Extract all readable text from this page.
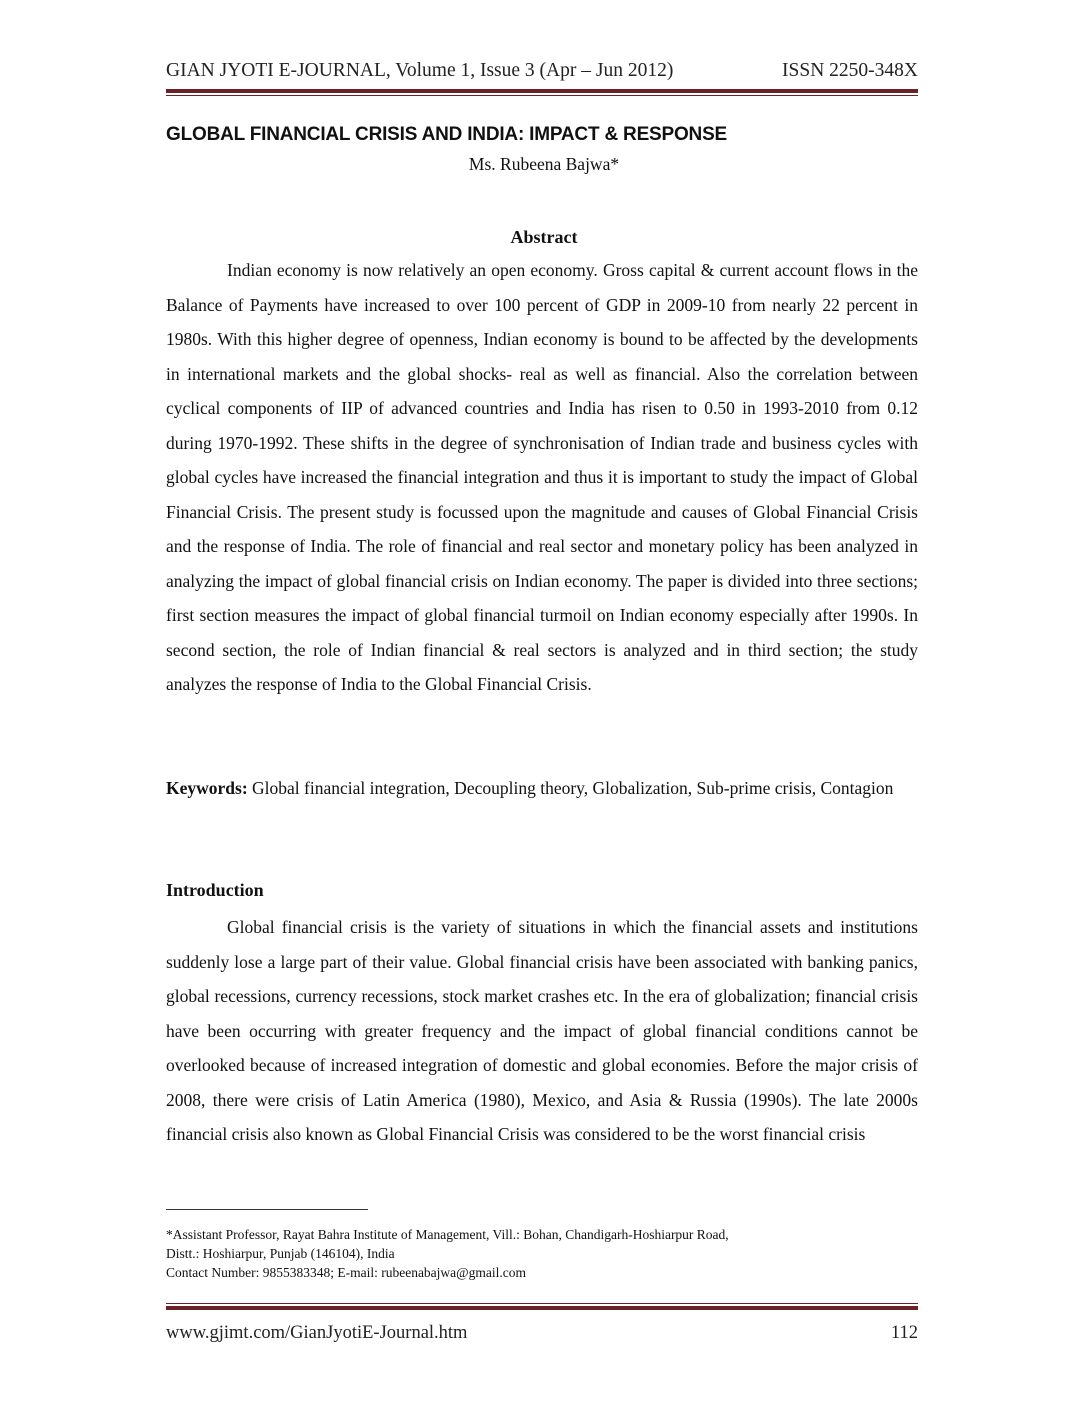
GIAN JYOTI E-JOURNAL, Volume 1, Issue 3 (Apr – Jun 2012)	ISSN 2250-348X
GLOBAL FINANCIAL CRISIS AND INDIA: IMPACT & RESPONSE
Ms. Rubeena Bajwa*
Abstract
Indian economy is now relatively an open economy. Gross capital & current account flows in the Balance of Payments have increased to over 100 percent of GDP in 2009-10 from nearly 22 percent in 1980s. With this higher degree of openness, Indian economy is bound to be affected by the developments in international markets and the global shocks- real as well as financial. Also the correlation between cyclical components of IIP of advanced countries and India has risen to 0.50 in 1993-2010 from 0.12 during 1970-1992. These shifts in the degree of synchronisation of Indian trade and business cycles with global cycles have increased the financial integration and thus it is important to study the impact of Global Financial Crisis. The present study is focussed upon the magnitude and causes of Global Financial Crisis and the response of India. The role of financial and real sector and monetary policy has been analyzed in analyzing the impact of global financial crisis on Indian economy. The paper is divided into three sections; first section measures the impact of global financial turmoil on Indian economy especially after 1990s. In second section, the role of Indian financial & real sectors is analyzed and in third section; the study analyzes the response of India to the Global Financial Crisis.
Keywords: Global financial integration, Decoupling theory, Globalization, Sub-prime crisis, Contagion
Introduction
Global financial crisis is the variety of situations in which the financial assets and institutions suddenly lose a large part of their value. Global financial crisis have been associated with banking panics, global recessions, currency recessions, stock market crashes etc. In the era of globalization; financial crisis have been occurring with greater frequency and the impact of global financial conditions cannot be overlooked because of increased integration of domestic and global economies. Before the major crisis of 2008, there were crisis of Latin America (1980), Mexico, and Asia & Russia (1990s). The late 2000s financial crisis also known as Global Financial Crisis was considered to be the worst financial crisis
*Assistant Professor, Rayat Bahra Institute of Management, Vill.: Bohan, Chandigarh-Hoshiarpur Road,
Distt.: Hoshiarpur, Punjab (146104), India
Contact Number: 9855383348; E-mail: rubeenabajwa@gmail.com
www.gjimt.com/GianJyotiE-Journal.htm	112
